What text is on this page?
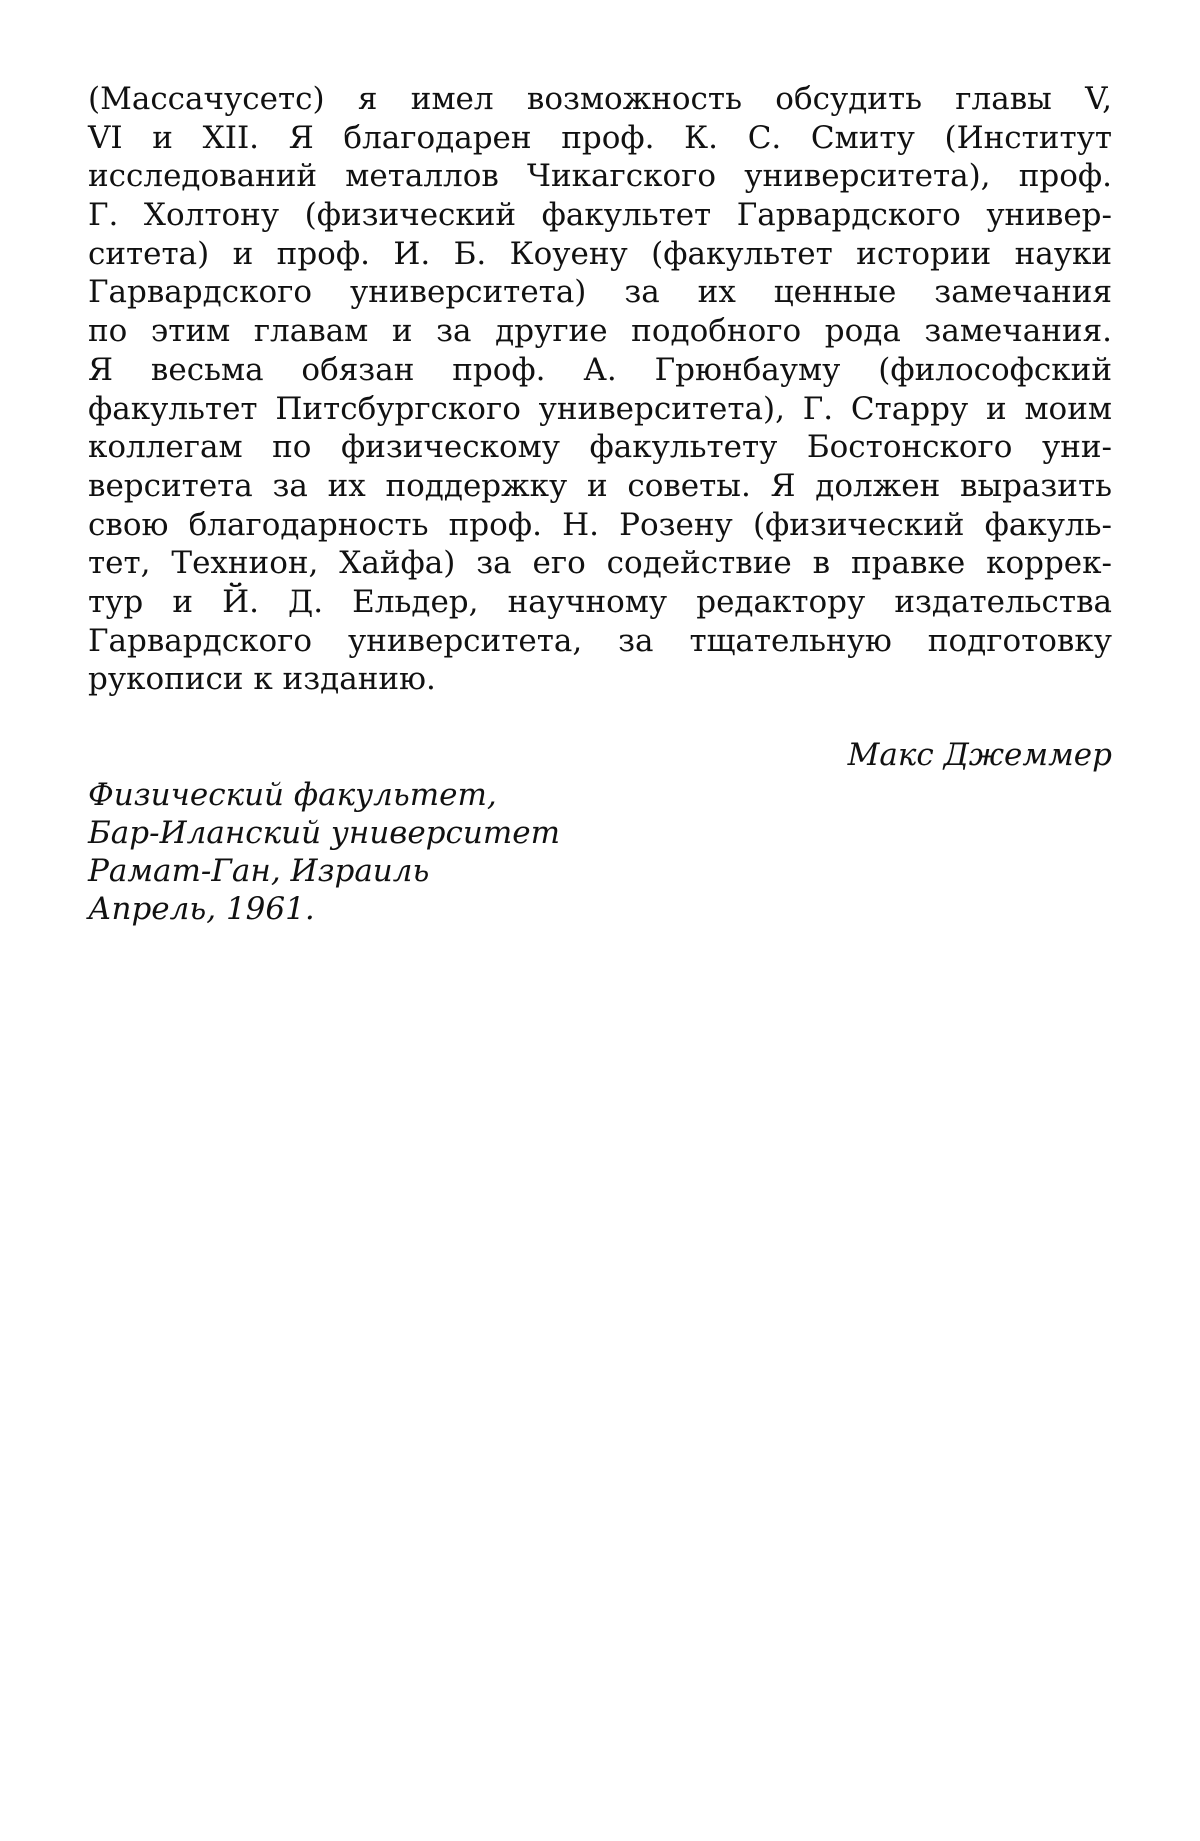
(Массачусетс) я имел возможность обсудить главы V,
VI и XII. Я благодарен проф. К. С. Смиту (Институт
исследований металлов Чикагского университета), проф.
Г. Холтону (физический факультет Гарвардского универ-
ситета) и проф. И. Б. Коуену (факультет истории науки
Гарвардского университета) за их ценные замечания
по этим главам и за другие подобного рода замечания.
Я весьма обязан проф. А. Грюнбауму (философский
факультет Питсбургского университета), Г. Старру и моим
коллегам по физическому факультету Бостонского уни-
верситета за их поддержку и советы. Я должен выразить
свою благодарность проф. Н. Розену (физический факуль-
тет, Технион, Хайфа) за его содействие в правке коррек-
тур и Й. Д. Ельдер, научному редактору издательства
Гарвардского университета, за тщательную подготовку
рукописи к изданию.
Макс Джеммер
Физический факультет,
Бар-Иланский университет
Рамат-Ган, Израиль
Апрель, 1961.
